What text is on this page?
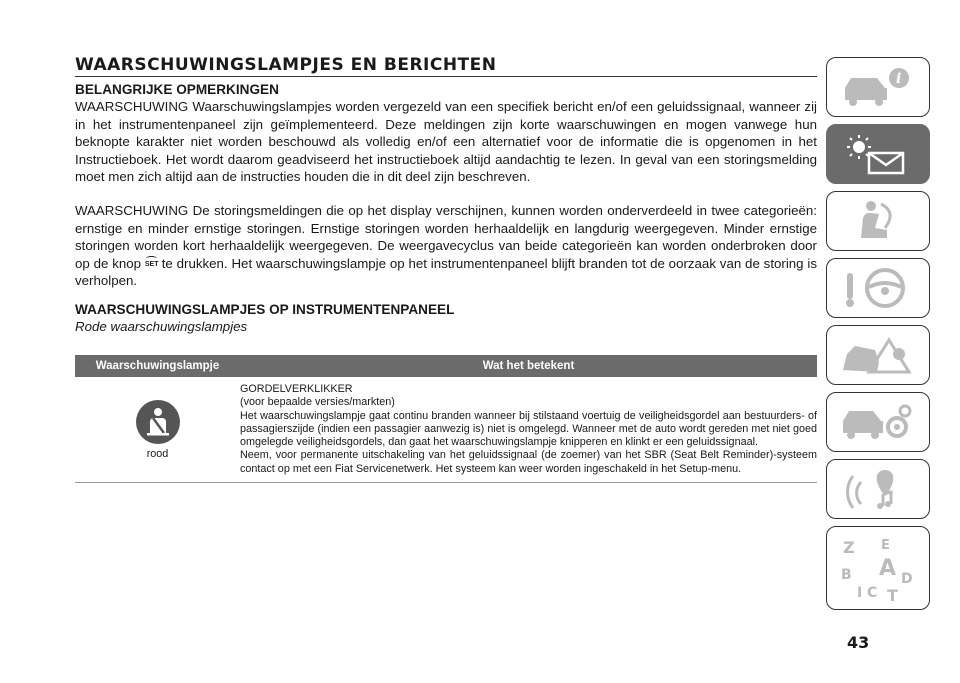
WAARSCHUWINGSLAMPJES EN BERICHTEN
BELANGRIJKE OPMERKINGEN

WAARSCHUWING Waarschuwingslampjes worden vergezeld van een specifiek bericht en/of een geluidssignaal, wanneer zij in het instrumentenpaneel zijn geïmplementeerd. Deze meldingen zijn korte waarschuwingen en mogen vanwege hun beknopte karakter niet worden beschouwd als volledig en/of een alternatief voor de informatie die is opgenomen in het Instructieboek. Het wordt daarom geadviseerd het instructieboek altijd aandachtig te lezen. In geval van een storingsmelding moet men zich altijd aan de instructies houden die in dit deel zijn beschreven.

WAARSCHUWING De storingsmeldingen die op het display verschijnen, kunnen worden onderverdeeld in twee categorieën: ernstige en minder ernstige storingen. Ernstige storingen worden herhaaldelijk en langdurig weergegeven. Minder ernstige storingen worden kort herhaaldelijk weergegeven. De weergavecyclus van beide categorieën kan worden onderbroken door op de knop SET te drukken. Het waarschuwingslampje op het instrumentenpaneel blijft branden tot de oorzaak van de storing is verholpen.

WAARSCHUWINGSLAMPJES OP INSTRUMENTENPANEEL

Rode waarschuwingslampjes

Waarschuwingslampje	Wat het betekent

rood	GORDELVERKLIKKER

(voor bepaalde versies/markten)

Het waarschuwingslampje gaat continu branden wanneer bij stilstaand voertuig de veiligheidsgordel aan bestuurders- of passagierszijde (indien een passagier aanwezig is) niet is omgelegd. Wanneer met de auto wordt gereden met niet goed omgelegde veiligheidsgordels, dan gaat het waarschuwingslampje knipperen en klinkt er een geluidssignaal.

Neem, voor permanente uitschakeling van het geluidssignaal (de zoemer) van het SBR (Seat Belt Reminder)-systeem contact op met een Fiat Servicenetwerk. Het systeem kan weer worden ingeschakeld in het Setup-menu.

43
i
Z E
A
B	D
I C T
